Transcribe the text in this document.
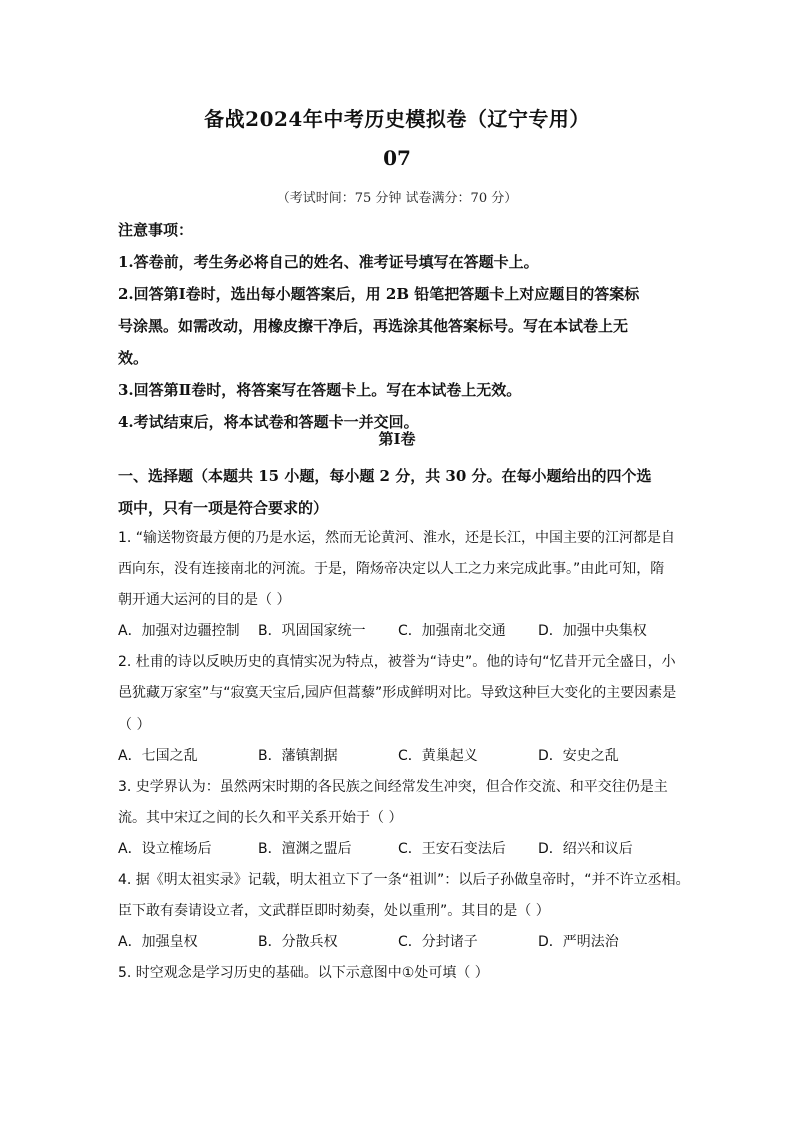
备战2024年中考历史模拟卷（辽宁专用）
07
（考试时间：75 分钟 试卷满分：70 分）
注意事项：
1.答卷前，考生务必将自己的姓名、准考证号填写在答题卡上。
2.回答第Ⅰ卷时，选出每小题答案后，用 2B 铅笔把答题卡上对应题目的答案标
号涂黑。如需改动，用橡皮擦干净后，再选涂其他答案标号。写在本试卷上无
效。
3.回答第Ⅱ卷时，将答案写在答题卡上。写在本试卷上无效。
4.考试结束后，将本试卷和答题卡一并交回。
第Ⅰ卷
一、选择题（本题共 15 小题，每小题 2 分，共 30 分。在每小题给出的四个选
项中，只有一项是符合要求的）
1. “输送物资最方便的乃是水运，然而无论黄河、淮水，还是长江，中国主要的江河都是自
西向东，没有连接南北的河流。于是，隋炀帝决定以人工之力来完成此事。”由此可知，隋
朝开通大运河的目的是（ ）
A．加强对边疆控制	B．巩固国家统一	C．加强南北交通	D．加强中央集权
2. 杜甫的诗以反映历史的真情实况为特点，被誉为“诗史”。他的诗句“忆昔开元全盛日，小
邑犹藏万家室”与“寂寞天宝后,园庐但蒿藜”形成鲜明对比。导致这种巨大变化的主要因素是
（ ）
A．七国之乱	B．藩镇割据	C．黄巢起义	D．安史之乱
3. 史学界认为：虽然两宋时期的各民族之间经常发生冲突，但合作交流、和平交往仍是主
流。其中宋辽之间的长久和平关系开始于（ ）
A．设立榷场后	B．澶渊之盟后	C．王安石变法后	D．绍兴和议后
4. 据《明太祖实录》记载，明太祖立下了一条“祖训”：以后子孙做皇帝时，“并不许立丞相。
臣下敢有奏请设立者，文武群臣即时劾奏，处以重刑”。其目的是（ ）
A．加强皇权	B．分散兵权	C．分封诸子	D．严明法治
5. 时空观念是学习历史的基础。以下示意图中①处可填（ ）
